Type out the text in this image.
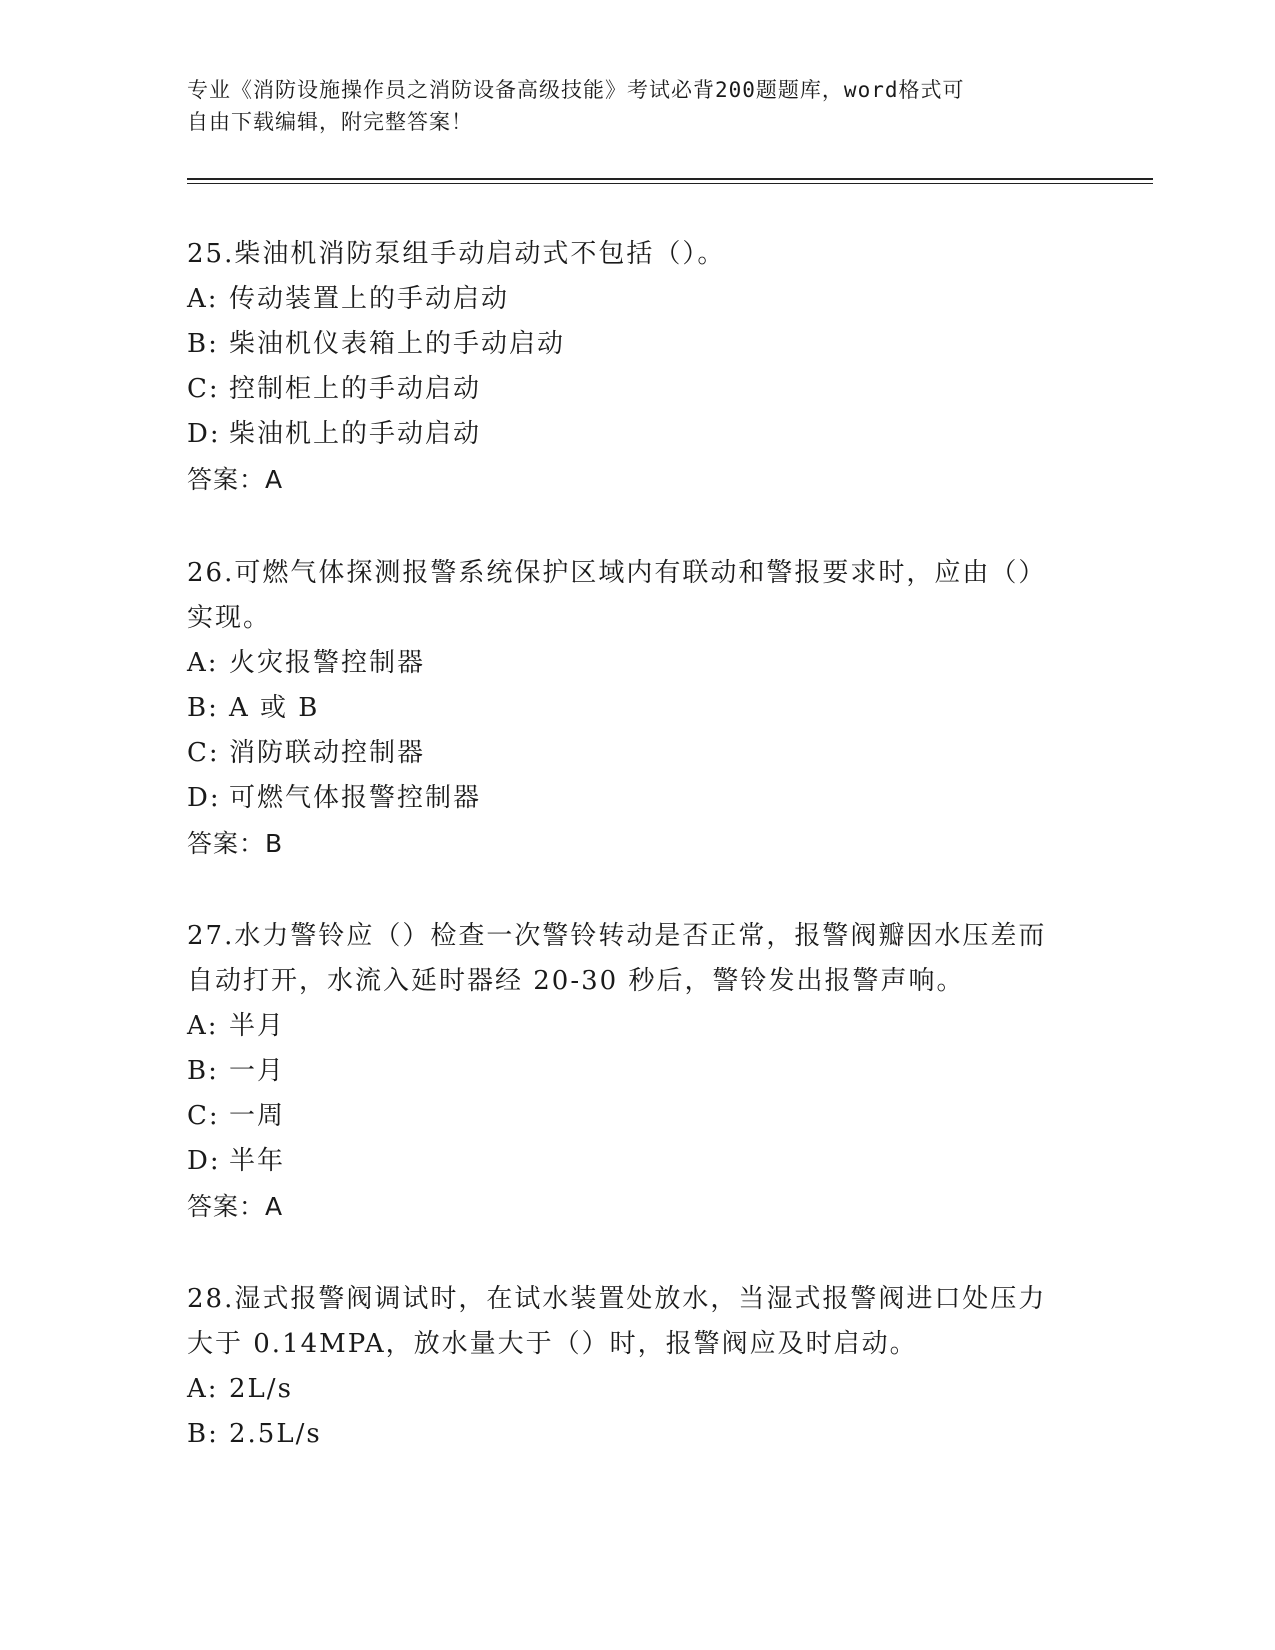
专业《消防设施操作员之消防设备高级技能》考试必背200题题库，word格式可
自由下载编辑，附完整答案！
25.柴油机消防泵组手动启动式不包括（）。
A: 传动装置上的手动启动
B: 柴油机仪表箱上的手动启动
C: 控制柜上的手动启动
D: 柴油机上的手动启动
答案：A
26.可燃气体探测报警系统保护区域内有联动和警报要求时，应由（）
实现。
A: 火灾报警控制器
B: A 或 B
C: 消防联动控制器
D: 可燃气体报警控制器
答案：B
27.水力警铃应（）检查一次警铃转动是否正常，报警阀瓣因水压差而
自动打开，水流入延时器经 20-30 秒后，警铃发出报警声响。
A: 半月
B: 一月
C: 一周
D: 半年
答案：A
28.湿式报警阀调试时，在试水装置处放水，当湿式报警阀进口处压力
大于 0.14MPA，放水量大于（）时，报警阀应及时启动。
A: 2L/s
B: 2.5L/s
